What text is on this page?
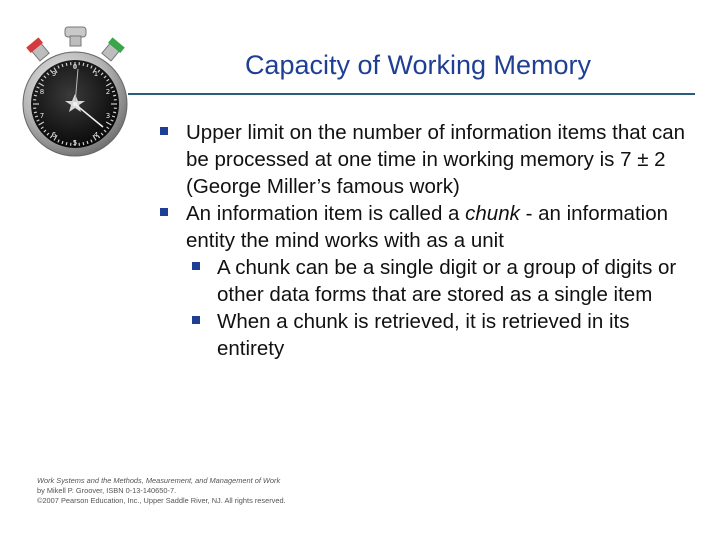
0
1
2
3
4
5
6
7
8
9	Capacity of Working Memory
Upper limit on the number of information items that can be processed at one time in working memory is 7 ± 2 (George Miller’s famous work)
An information item is called a chunk - an information entity the mind works with as a unit
A chunk can be a single digit or a group of digits or other data forms that are stored as a single item
When a chunk is retrieved, it is retrieved in its entirety
Work Systems and the Methods, Measurement, and Management of Work
by Mikell P. Groover, ISBN 0-13-140650-7.
©2007 Pearson Education, Inc., Upper Saddle River, NJ. All rights reserved.
